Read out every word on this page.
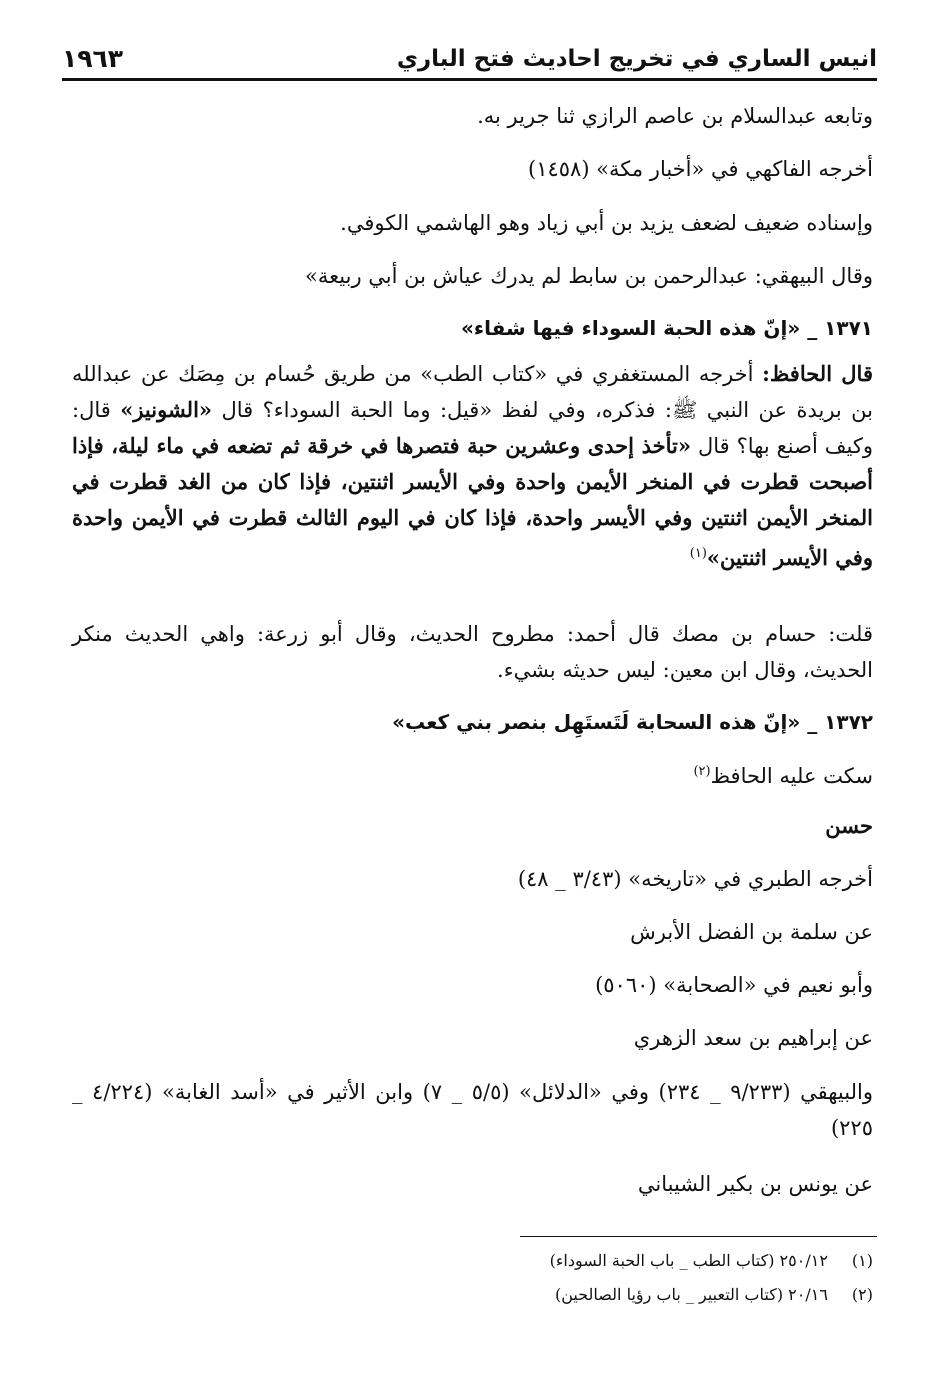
انيس الساري في تخريج احاديث فتح الباري
١٩٦٣
وتابعه عبدالسلام بن عاصم الرازي ثنا جرير به.
أخرجه الفاكهي في «أخبار مكة» (١٤٥٨)
وإسناده ضعيف لضعف يزيد بن أبي زياد وهو الهاشمي الكوفي.
وقال البيهقي: عبدالرحمن بن سابط لم يدرك عياش بن أبي ربيعة»
١٣٧١ _ «إنّ هذه الحبة السوداء فيها شفاء»
قال الحافظ: أخرجه المستغفري في «كتاب الطب» من طريق حُسام بن مِصَك عن عبدالله بن بريدة عن النبي ﷺ: فذكره، وفي لفظ «قيل: وما الحبة السوداء؟ قال «الشونيز» قال: وكيف أصنع بها؟ قال «تأخذ إحدى وعشرين حبة فتصرها في خرقة ثم تضعه في ماء ليلة، فإذا أصبحت قطرت في المنخر الأيمن واحدة وفي الأيسر اثنتين، فإذا كان من الغد قطرت في المنخر الأيمن اثنتين وفي الأيسر واحدة، فإذا كان في اليوم الثالث قطرت في الأيمن واحدة وفي الأيسر اثنتين»$^{(١)}$
قلت: حسام بن مصك قال أحمد: مطروح الحديث، وقال أبو زرعة: واهي الحديث منكر الحديث، وقال ابن معين: ليس حديثه بشيء.
١٣٧٢ _ «إنّ هذه السحابة لَتَستَهِل بنصر بني كعب»
سكت عليه الحافظ$^{(٢)}$
حسن
أخرجه الطبري في «تاريخه» (٣/٤٣ _ ٤٨)
عن سلمة بن الفضل الأبرش
وأبو نعيم في «الصحابة» (٥٠٦٠)
عن إبراهيم بن سعد الزهري
والبيهقي (٩/٢٣٣ _ ٢٣٤) وفي «الدلائل» (٥/٥ _ ٧) وابن الأثير في «أسد الغابة» (٤/٢٢٤ _ ٢٢٥)
عن يونس بن بكير الشيباني
(١) ٢٥٠/١٢ (كتاب الطب _ باب الحبة السوداء)
(٢) ٢٠/١٦ (كتاب التعبير _ باب رؤيا الصالحين)
